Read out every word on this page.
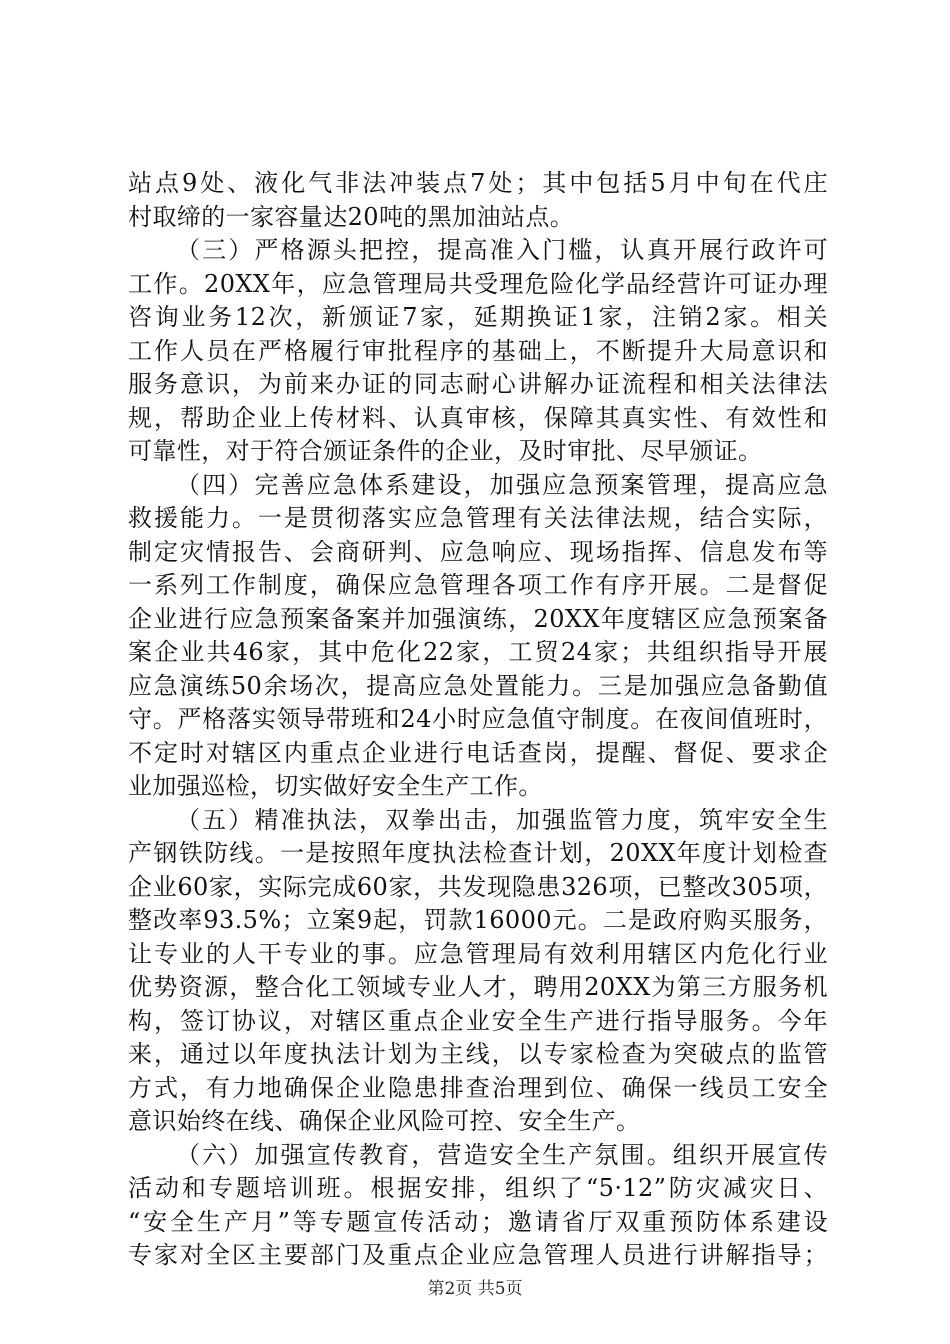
站点9处、液化气非法冲装点7处；其中包括5月中旬在代庄
村取缔的一家容量达20吨的黑加油站点。
（三）严格源头把控，提高准入门槛，认真开展行政许可
工作。20XX年，应急管理局共受理危险化学品经营许可证办理
咨询业务12次，新颁证7家，延期换证1家，注销2家。相关
工作人员在严格履行审批程序的基础上，不断提升大局意识和
服务意识，为前来办证的同志耐心讲解办证流程和相关法律法
规，帮助企业上传材料、认真审核，保障其真实性、有效性和
可靠性，对于符合颁证条件的企业，及时审批、尽早颁证。
（四）完善应急体系建设，加强应急预案管理，提高应急
救援能力。一是贯彻落实应急管理有关法律法规，结合实际，
制定灾情报告、会商研判、应急响应、现场指挥、信息发布等
一系列工作制度，确保应急管理各项工作有序开展。二是督促
企业进行应急预案备案并加强演练，20XX年度辖区应急预案备
案企业共46家，其中危化22家，工贸24家；共组织指导开展
应急演练50余场次，提高应急处置能力。三是加强应急备勤值
守。严格落实领导带班和24小时应急值守制度。在夜间值班时，
不定时对辖区内重点企业进行电话查岗，提醒、督促、要求企
业加强巡检，切实做好安全生产工作。
（五）精准执法，双拳出击，加强监管力度，筑牢安全生
产钢铁防线。一是按照年度执法检查计划，20XX年度计划检查
企业60家，实际完成60家，共发现隐患326项，已整改305项，
整改率93.5%；立案9起，罚款16000元。二是政府购买服务，
让专业的人干专业的事。应急管理局有效利用辖区内危化行业
优势资源，整合化工领域专业人才，聘用20XX为第三方服务机
构，签订协议，对辖区重点企业安全生产进行指导服务。今年
来，通过以年度执法计划为主线，以专家检查为突破点的监管
方式，有力地确保企业隐患排查治理到位、确保一线员工安全
意识始终在线、确保企业风险可控、安全生产。
（六）加强宣传教育，营造安全生产氛围。组织开展宣传
活动和专题培训班。根据安排，组织了“5·12”防灾减灾日、
“安全生产月”等专题宣传活动；邀请省厅双重预防体系建设
专家对全区主要部门及重点企业应急管理人员进行讲解指导；
第2页 共5页
